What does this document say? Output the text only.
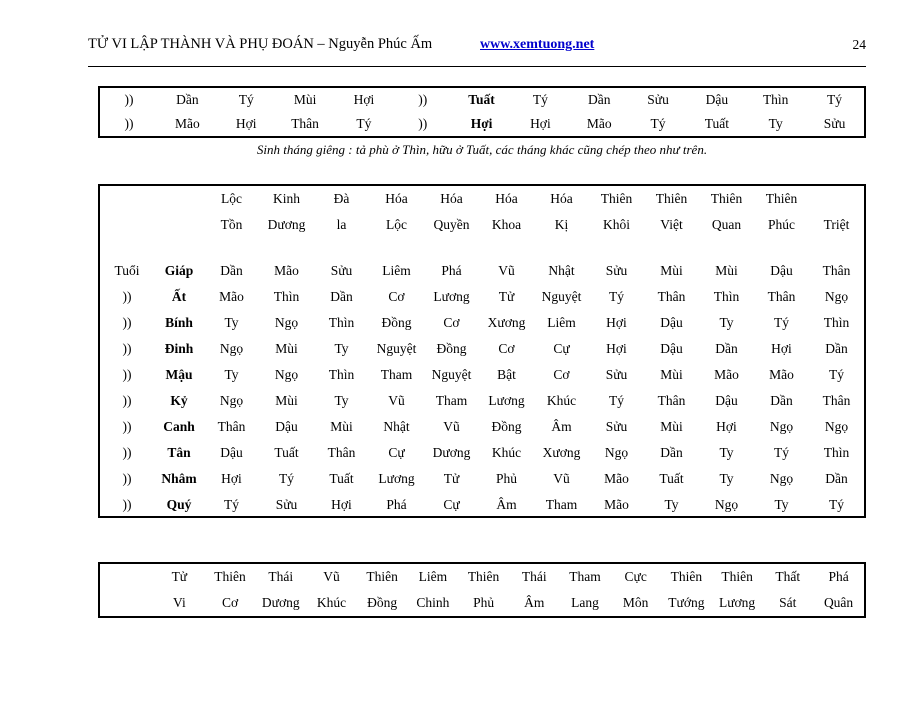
TỬ VI LẬP THÀNH VÀ PHỤ ĐOÁN – Nguyễn Phúc Ấm	www.xemtuong.net	24
))	Dần	Tý	Mùi	Hợi	))	Tuất	Tý	Dần	Sửu	Dậu	Thìn	Tý
))	Mão	Hợi	Thân	Tý	))	Hợi	Hợi	Mão	Tý	Tuất	Ty	Sửu
Sinh tháng giêng : tả phù ở Thìn, hữu ở Tuất, các tháng khác cũng chép theo như trên.
		Lộc	Kinh	Đà	Hóa	Hóa	Hóa	Hóa	Thiên	Thiên	Thiên	Thiên	
		Tồn	Dương	la	Lộc	Quyền	Khoa	Kị	Khôi	Việt	Quan	Phúc	Triệt

Tuổi	Giáp	Dần	Mão	Sửu	Liêm	Phá	Vũ	Nhật	Sửu	Mùi	Mùi	Dậu	Thân
))	Ất	Mão	Thìn	Dần	Cơ	Lương	Tử	Nguyệt	Tý	Thân	Thìn	Thân	Ngọ
))	Bính	Ty	Ngọ	Thìn	Đồng	Cơ	Xương	Liêm	Hợi	Dậu	Ty	Tý	Thìn
))	Đinh	Ngọ	Mùi	Ty	Nguyệt	Đồng	Cơ	Cự	Hợi	Dậu	Dần	Hợi	Dần
))	Mậu	Ty	Ngọ	Thìn	Tham	Nguyệt	Bật	Cơ	Sửu	Mùi	Mão	Mão	Tý
))	Kỷ	Ngọ	Mùi	Ty	Vũ	Tham	Lương	Khúc	Tý	Thân	Dậu	Dần	Thân
))	Canh	Thân	Dậu	Mùi	Nhật	Vũ	Đồng	Âm	Sửu	Mùi	Hợi	Ngọ	Ngọ
))	Tân	Dậu	Tuất	Thân	Cự	Dương	Khúc	Xương	Ngọ	Dần	Ty	Tý	Thìn
))	Nhâm	Hợi	Tý	Tuất	Lương	Tử	Phủ	Vũ	Mão	Tuất	Ty	Ngọ	Dần
))	Quý	Tý	Sửu	Hợi	Phá	Cự	Âm	Tham	Mão	Ty	Ngọ	Ty	Tý
	Tử	Thiên	Thái	Vũ	Thiên	Liêm	Thiên	Thái	Tham	Cực	Thiên	Thiên	Thất	Phá
	Vi	Cơ	Dương	Khúc	Đồng	Chinh	Phủ	Âm	Lang	Môn	Tướng	Lương	Sát	Quân
